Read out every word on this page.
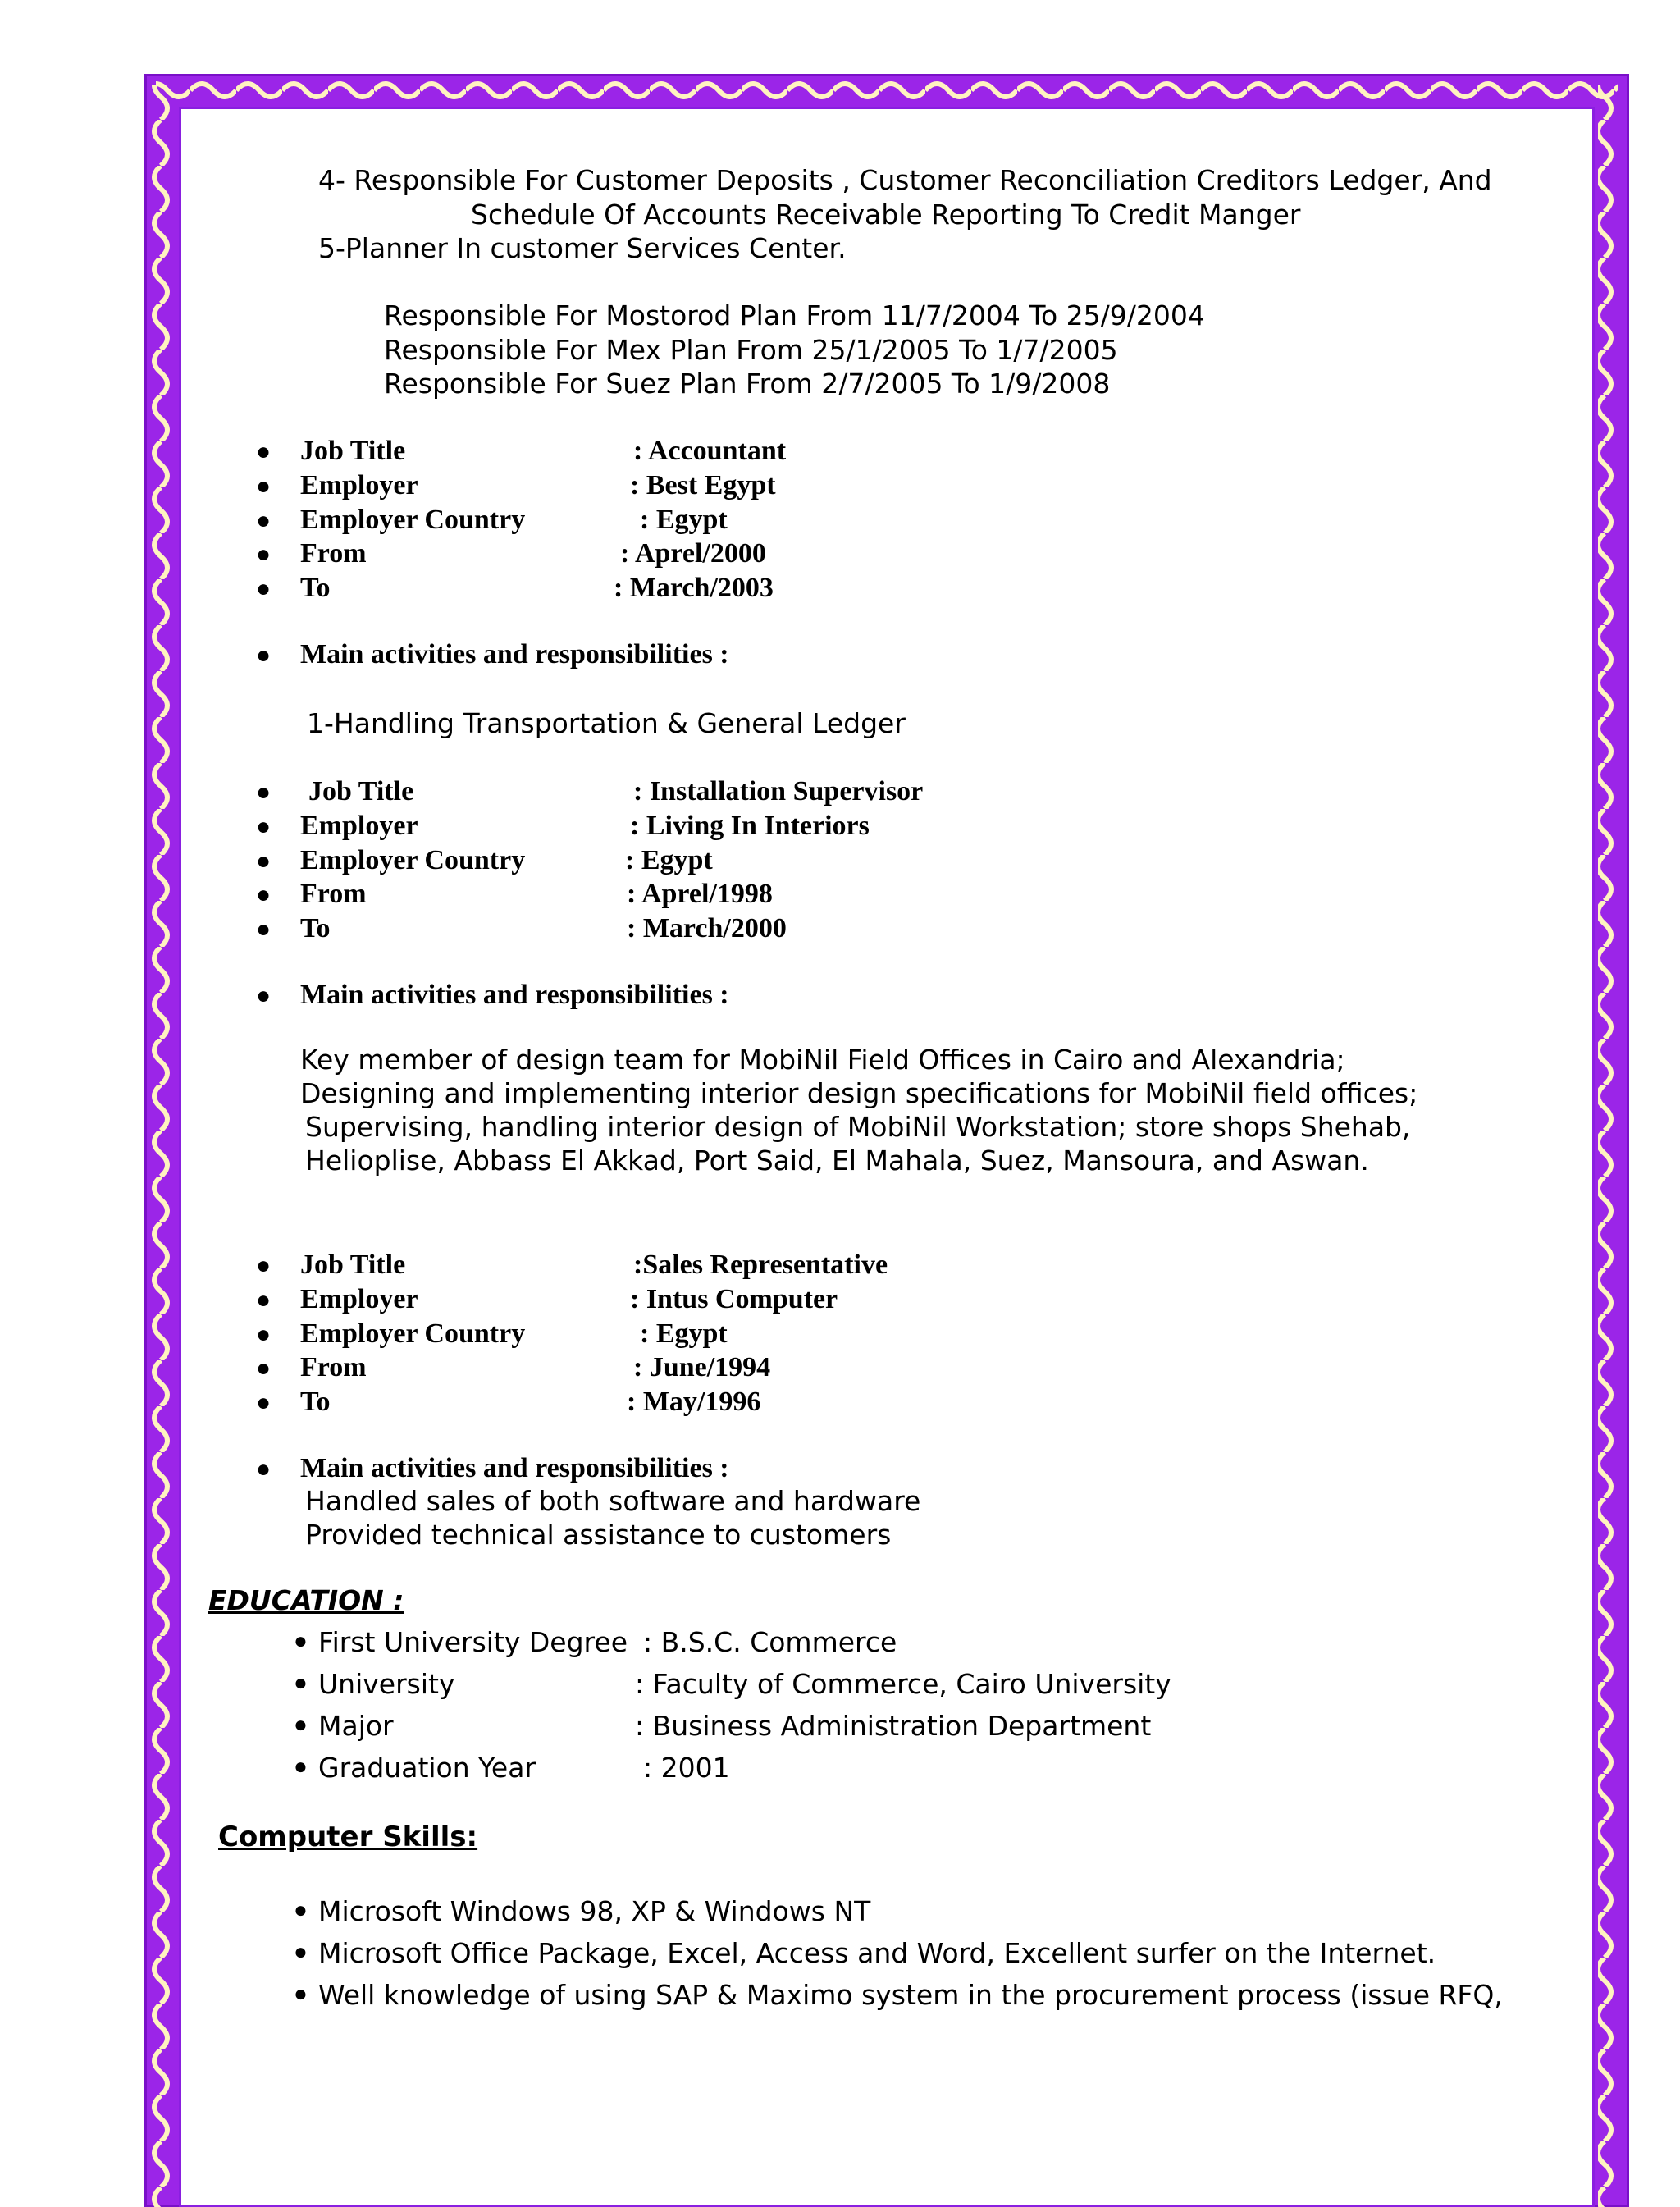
4- Responsible For Customer Deposits , Customer Reconciliation Creditors Ledger, And
Schedule Of Accounts Receivable Reporting To Credit Manger
5-Planner In customer Services Center.
Responsible For Mostorod Plan From 11/7/2004 To 25/9/2004
Responsible For Mex Plan From 25/1/2005 To 1/7/2005
Responsible For Suez Plan From 2/7/2005 To 1/9/2008
● Job Title	: Accountant
● Employer	: Best Egypt
● Employer Country	: Egypt
● From	: Aprel/2000
● To	: March/2003
● Main activities and responsibilities :
1-Handling Transportation & General Ledger
● Job Title	: Installation Supervisor
● Employer	: Living In Interiors
● Employer Country	: Egypt
● From	: Aprel/1998
● To	: March/2000
● Main activities and responsibilities :
Key member of design team for MobiNil Field Offices in Cairo and Alexandria;
Designing and implementing interior design specifications for MobiNil field offices;
Supervising, handling interior design of MobiNil Workstation; store shops Shehab,
Helioplise, Abbass El Akkad, Port Said, El Mahala, Suez, Mansoura, and Aswan.
● Job Title	:Sales Representative
● Employer	: Intus Computer
● Employer Country	: Egypt
● From	: June/1994
● To	: May/1996
● Main activities and responsibilities :
Handled sales of both software and hardware
Provided technical assistance to customers
EDUCATION :
● First University Degree : B.S.C. Commerce
● University	: Faculty of Commerce, Cairo University
● Major	: Business Administration Department
● Graduation Year	: 2001
Computer Skills:
● Microsoft Windows 98, XP & Windows NT
● Microsoft Office Package, Excel, Access and Word, Excellent surfer on the Internet.
● Well knowledge of using SAP & Maximo system in the procurement process (issue RFQ,
